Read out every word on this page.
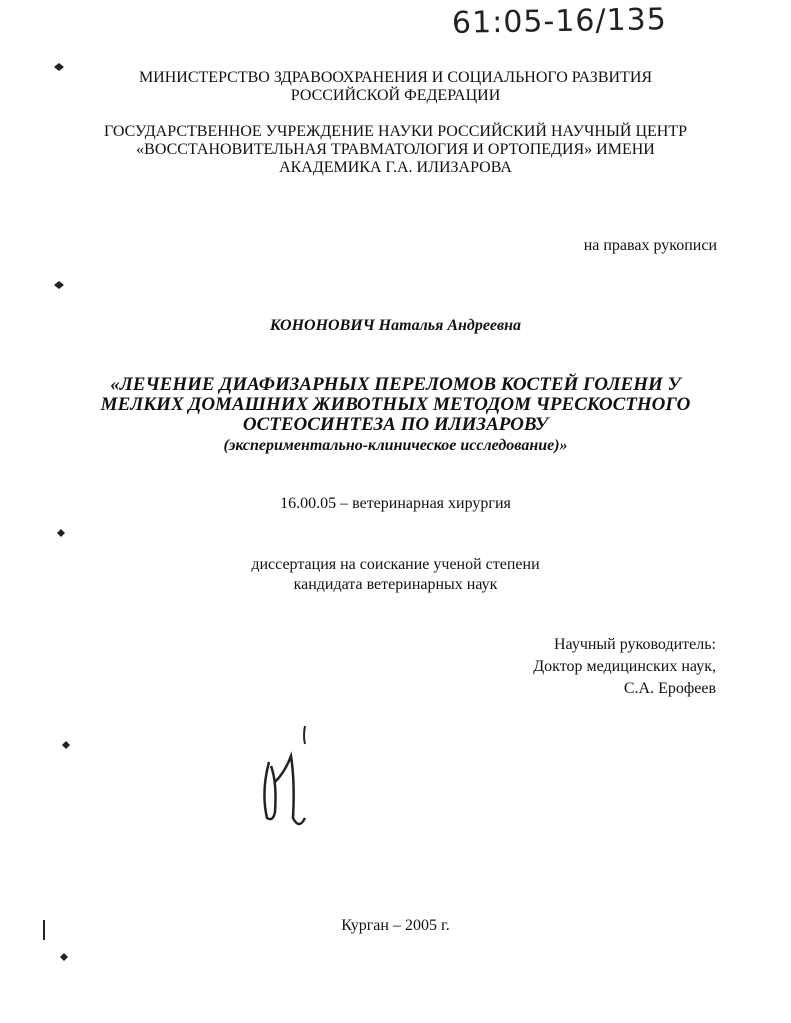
61:05-16/135
МИНИСТЕРСТВО ЗДРАВООХРАНЕНИЯ И СОЦИАЛЬНОГО РАЗВИТИЯ
РОССИЙСКОЙ ФЕДЕРАЦИИ
ГОСУДАРСТВЕННОЕ УЧРЕЖДЕНИЕ НАУКИ РОССИЙСКИЙ НАУЧНЫЙ ЦЕНТР
«ВОССТАНОВИТЕЛЬНАЯ ТРАВМАТОЛОГИЯ И ОРТОПЕДИЯ» ИМЕНИ
АКАДЕМИКА Г.А. ИЛИЗАРОВА
на правах рукописи
КОНОНОВИЧ Наталья Андреевна
«ЛЕЧЕНИЕ ДИАФИЗАРНЫХ ПЕРЕЛОМОВ КОСТЕЙ ГОЛЕНИ У
МЕЛКИХ ДОМАШНИХ ЖИВОТНЫХ МЕТОДОМ ЧРЕСКОСТНОГО
ОСТЕОСИНТЕЗА ПО ИЛИЗАРОВУ
(экспериментально-клиническое исследование)»
16.00.05 – ветеринарная хирургия
диссертация на соискание ученой степени
кандидата ветеринарных наук
Научный руководитель:
Доктор медицинских наук,
С.А. Ерофеев
Курган – 2005 г.
